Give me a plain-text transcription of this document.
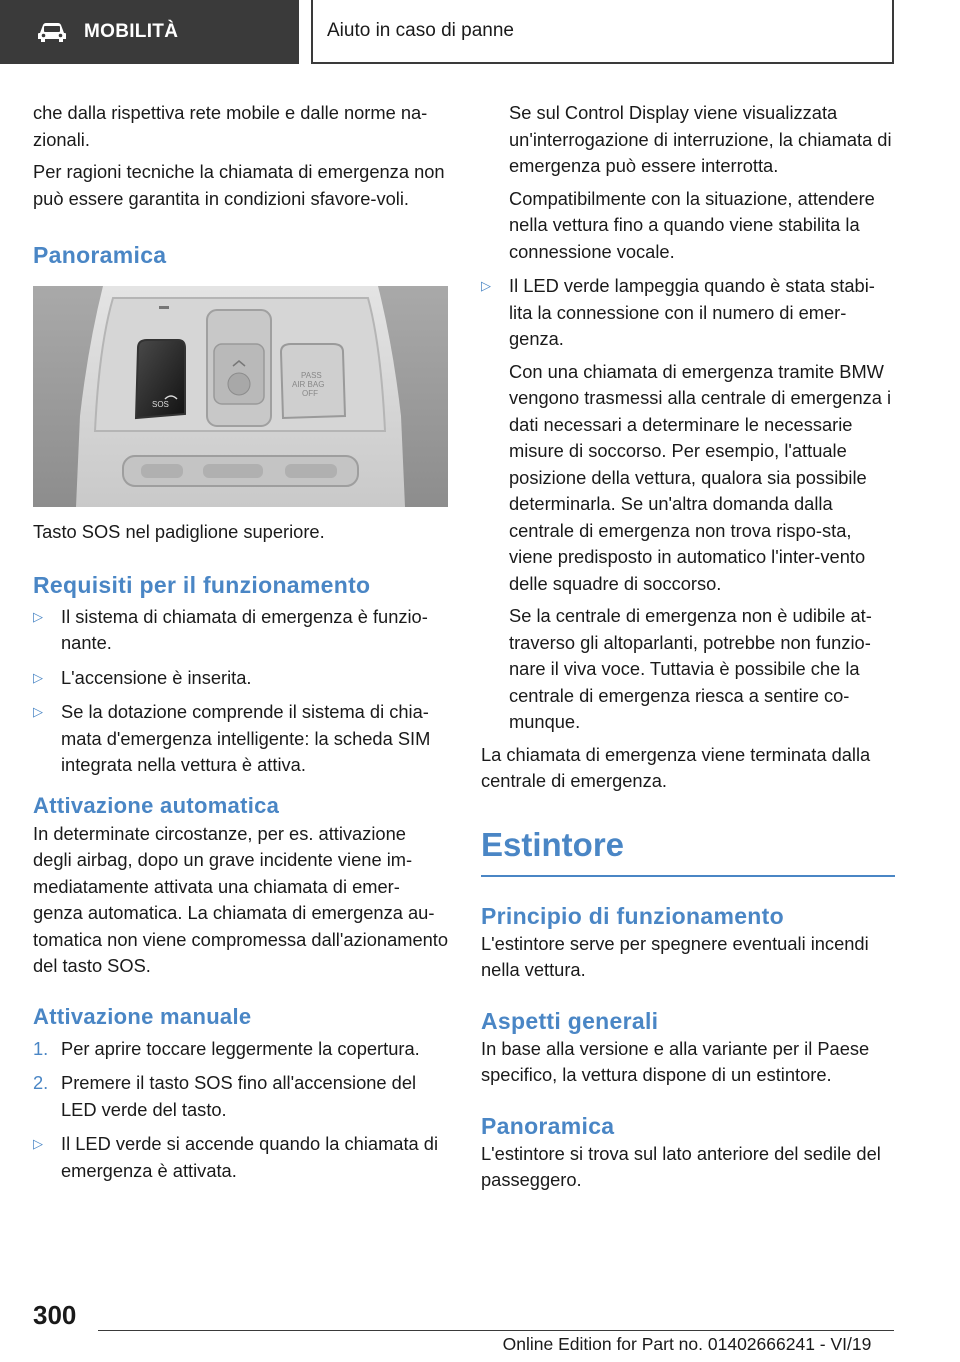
MOBILITÀ	Aiuto in caso di panne

che dalla rispettiva rete mobile e dalle norme na-zionali.

Per ragioni tecniche la chiamata di emergenza non può essere garantita in condizioni sfavore-voli.

Panoramica
SOS
PASS
AIR BAG
OFF

Tasto SOS nel padiglione superiore.

Requisiti per il funzionamento
▷ Il sistema di chiamata di emergenza è funzio-nante.
▷ L'accensione è inserita.
▷ Se la dotazione comprende il sistema di chia-mata d'emergenza intelligente: la scheda SIM integrata nella vettura è attiva.
Attivazione automatica

In determinate circostanze, per es. attivazione degli airbag, dopo un grave incidente viene im-mediatamente attivata una chiamata di emer-genza automatica. La chiamata di emergenza au-tomatica non viene compromessa dall'azionamento del tasto SOS.

Attivazione manuale
1. Per aprire toccare leggermente la copertura.
2. Premere il tasto SOS fino all'accensione del LED verde del tasto.
▷ Il LED verde si accende quando la chiamata di emergenza è attivata.

Se sul Control Display viene visualizzata un'interrogazione di interruzione, la chiamata di emergenza può essere interrotta.

Compatibilmente con la situazione, attendere nella vettura fino a quando viene stabilita la connessione vocale.

▷ Il LED verde lampeggia quando è stata stabi-lita la connessione con il numero di emer-genza.

Con una chiamata di emergenza tramite BMW vengono trasmessi alla centrale di emergenza i dati necessari a determinare le necessarie misure di soccorso. Per esempio, l'attuale posizione della vettura, qualora sia possibile determinarla. Se un'altra domanda dalla centrale di emergenza non trova rispo-sta, viene predisposto in automatico l'inter-vento delle squadre di soccorso.

Se la centrale di emergenza non è udibile at-traverso gli altoparlanti, potrebbe non funzio-nare il viva voce. Tuttavia è possibile che la centrale di emergenza riesca a sentire co-munque.

La chiamata di emergenza viene terminata dalla centrale di emergenza.

Estintore
Principio di funzionamento

L'estintore serve per spegnere eventuali incendi nella vettura.

Aspetti generali

In base alla versione e alla variante per il Paese specifico, la vettura dispone di un estintore.

Panoramica

L'estintore si trova sul lato anteriore del sedile del passeggero.

300
Online Edition for Part no. 01402666241 - VI/19
